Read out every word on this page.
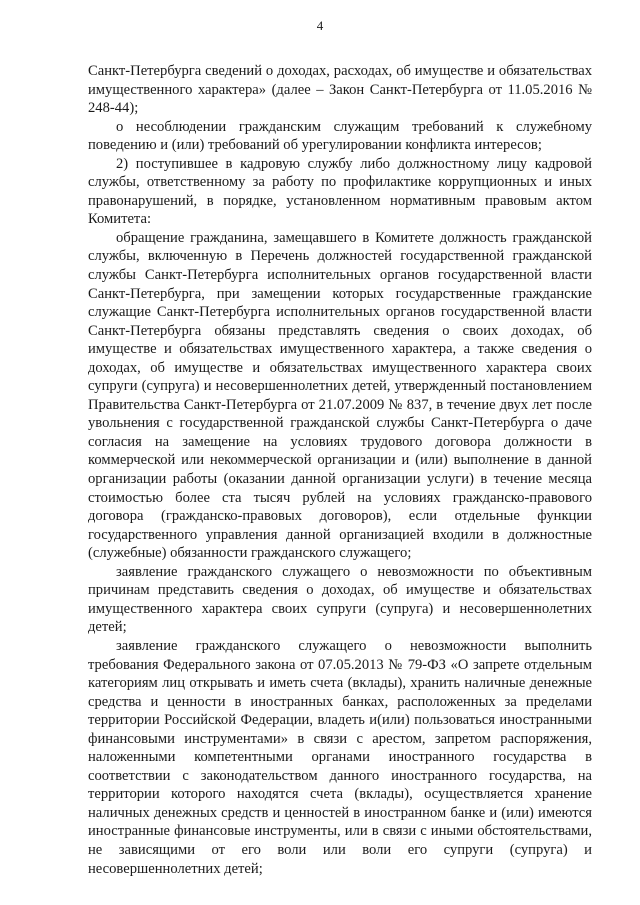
4

Санкт-Петербурга сведений о доходах, расходах, об имуществе и обязательствах имущественного характера» (далее – Закон Санкт-Петербурга от 11.05.2016 № 248-44);

о несоблюдении гражданским служащим требований к служебному поведению и (или) требований об урегулировании конфликта интересов;

2) поступившее в кадровую службу либо должностному лицу кадровой службы, ответственному за работу по профилактике коррупционных и иных правонарушений, в порядке, установленном нормативным правовым актом Комитета:

обращение гражданина, замещавшего в Комитете должность гражданской службы, включенную в Перечень должностей государственной гражданской службы Санкт-Петербурга исполнительных органов государственной власти Санкт-Петербурга, при замещении которых государственные гражданские служащие Санкт-Петербурга исполнительных органов государственной власти Санкт-Петербурга обязаны представлять сведения о своих доходах, об имуществе и обязательствах имущественного характера, а также сведения о доходах, об имуществе и обязательствах имущественного характера своих супруги (супруга) и несовершеннолетних детей, утвержденный постановлением Правительства Санкт-Петербурга от 21.07.2009 № 837, в течение двух лет после увольнения с государственной гражданской службы Санкт-Петербурга о даче согласия на замещение на условиях трудового договора должности в коммерческой или некоммерческой организации и (или) выполнение в данной организации работы (оказании данной организации услуги) в течение месяца стоимостью более ста тысяч рублей на условиях гражданско-правового договора (гражданско-правовых договоров), если отдельные функции государственного управления данной организацией входили в должностные (служебные) обязанности гражданского служащего;

заявление гражданского служащего о невозможности по объективным причинам представить сведения о доходах, об имуществе и обязательствах имущественного характера своих супруги (супруга) и несовершеннолетних детей;

заявление гражданского служащего о невозможности выполнить требования Федерального закона от 07.05.2013 № 79-ФЗ «О запрете отдельным категориям лиц открывать и иметь счета (вклады), хранить наличные денежные средства и ценности в иностранных банках, расположенных за пределами территории Российской Федерации, владеть и(или) пользоваться иностранными финансовыми инструментами» в связи с арестом, запретом распоряжения, наложенными компетентными органами иностранного государства в соответствии с законодательством данного иностранного государства, на территории которого находятся счета (вклады), осуществляется хранение наличных денежных средств и ценностей в иностранном банке и (или) имеются иностранные финансовые инструменты, или в связи с иными обстоятельствами, не зависящими от его воли или воли его супруги (супруга) и несовершеннолетних детей;
